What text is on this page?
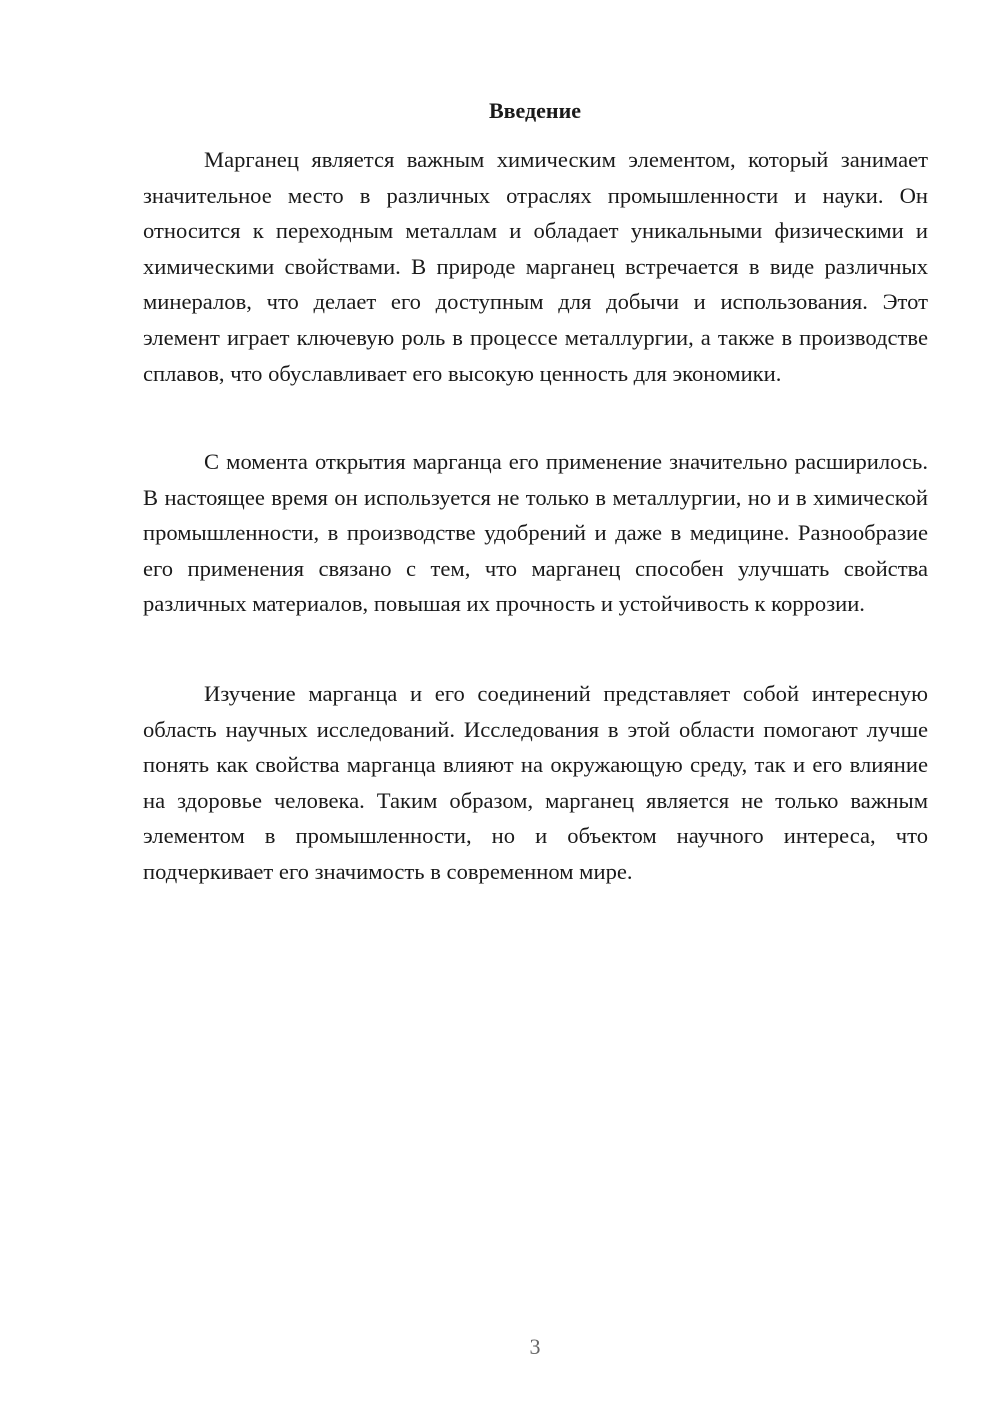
Введение

Марганец является важным химическим элементом, который занимает значительное место в различных отраслях промышленности и науки. Он относится к переходным металлам и обладает уникальными физическими и химическими свойствами. В природе марганец встречается в виде различных минералов, что делает его доступным для добычи и использования. Этот элемент играет ключевую роль в процессе металлургии, а также в производстве сплавов, что обуславливает его высокую ценность для экономики.

С момента открытия марганца его применение значительно расширилось. В настоящее время он используется не только в металлургии, но и в химической промышленности, в производстве удобрений и даже в медицине. Разнообразие его применения связано с тем, что марганец способен улучшать свойства различных материалов, повышая их прочность и устойчивость к коррозии.

Изучение марганца и его соединений представляет собой интересную область научных исследований. Исследования в этой области помогают лучше понять как свойства марганца влияют на окружающую среду, так и его влияние на здоровье человека. Таким образом, марганец является не только важным элементом в промышленности, но и объектом научного интереса, что подчеркивает его значимость в современном мире.

3
